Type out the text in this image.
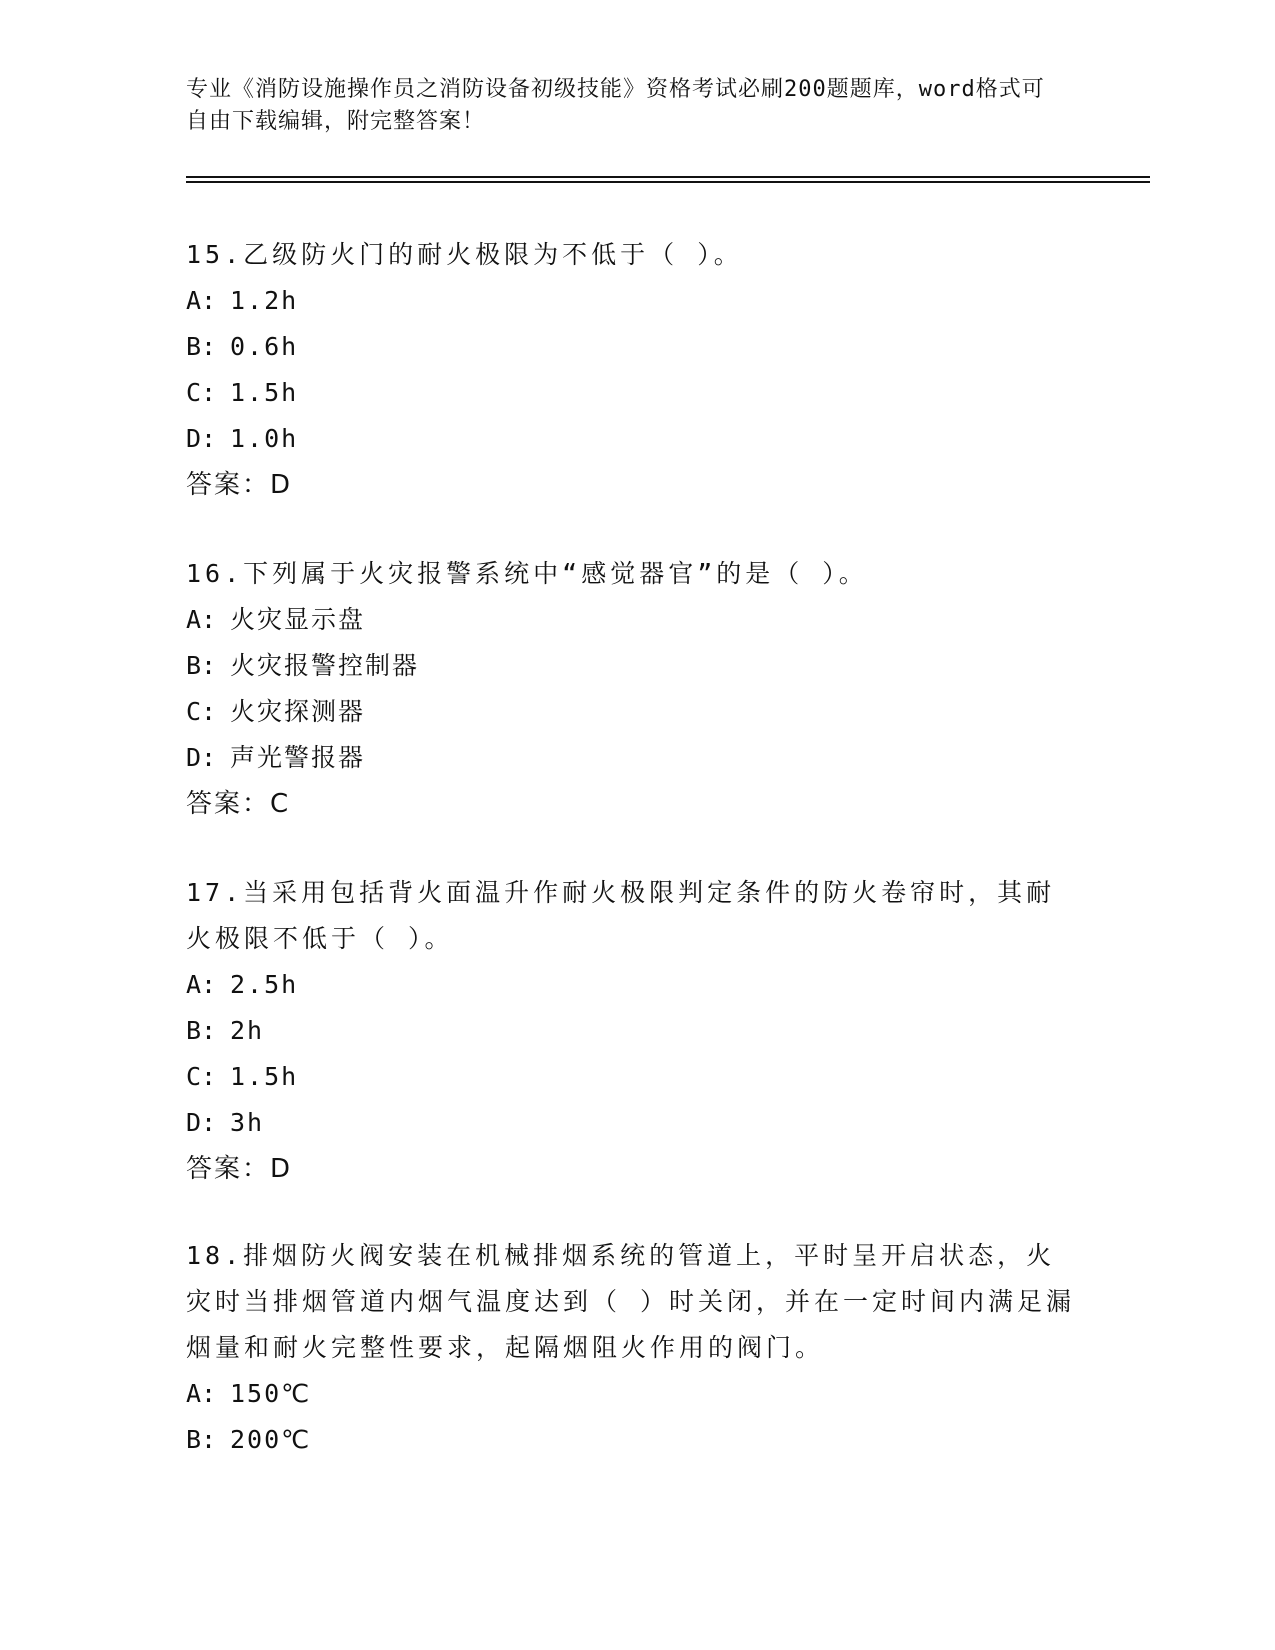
专业《消防设施操作员之消防设备初级技能》资格考试必刷200题题库，word格式可自由下载编辑，附完整答案！
15.乙级防火门的耐火极限为不低于（ ）。
A: 1.2h
B: 0.6h
C: 1.5h
D: 1.0h
答案：D
16.下列属于火灾报警系统中“感觉器官”的是（ ）。
A: 火灾显示盘
B: 火灾报警控制器
C: 火灾探测器
D: 声光警报器
答案：C
17.当采用包括背火面温升作耐火极限判定条件的防火卷帘时，其耐火极限不低于（ ）。
A: 2.5h
B: 2h
C: 1.5h
D: 3h
答案：D
18.排烟防火阀安装在机械排烟系统的管道上，平时呈开启状态，火灾时当排烟管道内烟气温度达到（ ）时关闭，并在一定时间内满足漏烟量和耐火完整性要求，起隔烟阻火作用的阀门。
A: 150℃
B: 200℃
